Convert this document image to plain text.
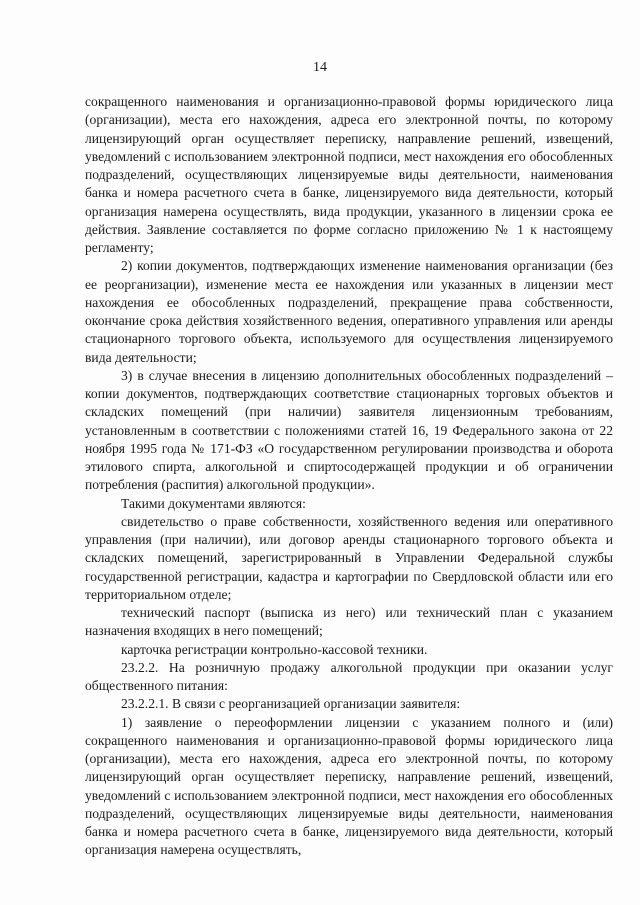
14

сокращенного наименования и организационно-правовой формы юридического лица (организации), места его нахождения, адреса его электронной почты, по которому лицензирующий орган осуществляет переписку, направление решений, извещений, уведомлений с использованием электронной подписи, мест нахождения его обособленных подразделений, осуществляющих лицензируемые виды деятельности, наименования банка и номера расчетного счета в банке, лицензируемого вида деятельности, который организация намерена осуществлять, вида продукции, указанного в лицензии срока ее действия. Заявление составляется по форме согласно приложению № 1 к настоящему регламенту;

2) копии документов, подтверждающих изменение наименования организации (без ее реорганизации), изменение места ее нахождения или указанных в лицензии мест нахождения ее обособленных подразделений, прекращение права собственности, окончание срока действия хозяйственного ведения, оперативного управления или аренды стационарного торгового объекта, используемого для осуществления лицензируемого вида деятельности;

3) в случае внесения в лицензию дополнительных обособленных подразделений – копии документов, подтверждающих соответствие стационарных торговых объектов и складских помещений (при наличии) заявителя лицензионным требованиям, установленным в соответствии с положениями статей 16, 19 Федерального закона от 22 ноября 1995 года № 171-ФЗ «О государственном регулировании производства и оборота этилового спирта, алкогольной и спиртосодержащей продукции и об ограничении потребления (распития) алкогольной продукции».

Такими документами являются:

свидетельство о праве собственности, хозяйственного ведения или оперативного управления (при наличии), или договор аренды стационарного торгового объекта и складских помещений, зарегистрированный в Управлении Федеральной службы государственной регистрации, кадастра и картографии по Свердловской области или его территориальном отделе;

технический паспорт (выписка из него) или технический план с указанием назначения входящих в него помещений;

карточка регистрации контрольно-кассовой техники.

23.2.2. На розничную продажу алкогольной продукции при оказании услуг общественного питания:

23.2.2.1. В связи с реорганизацией организации заявителя:

1) заявление о переоформлении лицензии с указанием полного и (или) сокращенного наименования и организационно-правовой формы юридического лица (организации), места его нахождения, адреса его электронной почты, по которому лицензирующий орган осуществляет переписку, направление решений, извещений, уведомлений с использованием электронной подписи, мест нахождения его обособленных подразделений, осуществляющих лицензируемые виды деятельности, наименования банка и номера расчетного счета в банке, лицензируемого вида деятельности, который организация намерена осуществлять,
